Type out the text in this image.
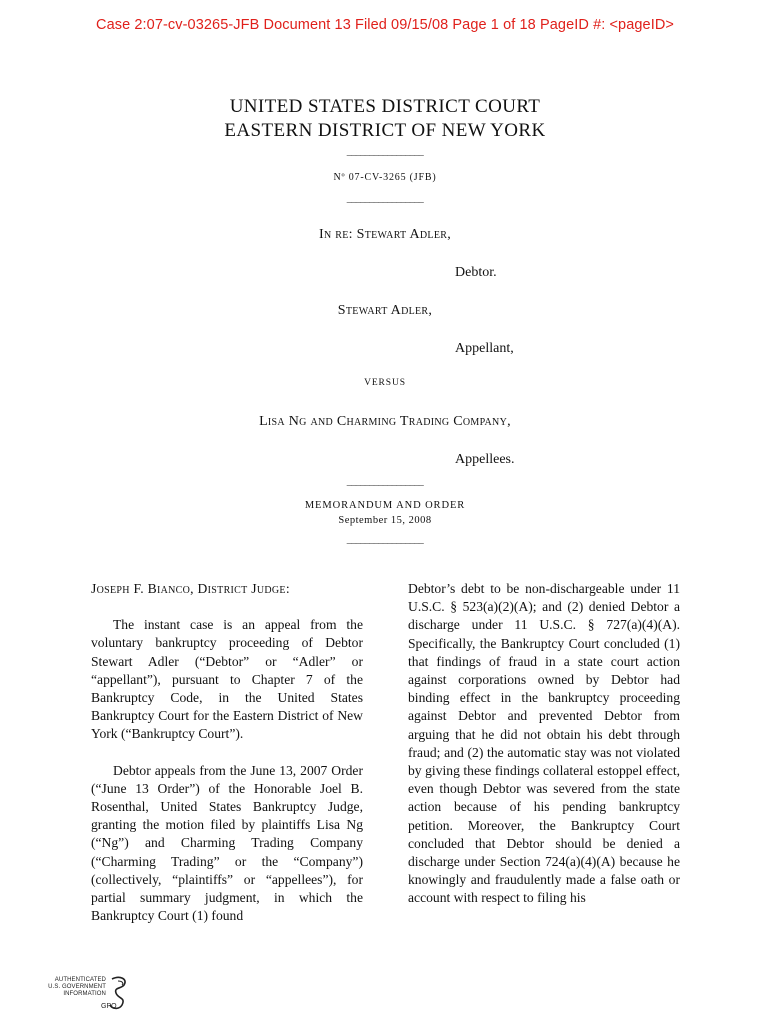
Case 2:07-cv-03265-JFB Document 13 Filed 09/15/08 Page 1 of 18 PageID #: <pageID>
UNITED STATES DISTRICT COURT
EASTERN DISTRICT OF NEW YORK
_________________
Nº 07-CV-3265 (JFB)
_________________
In re: Stewart Adler,
Debtor.
Stewart Adler,
Appellant,
VERSUS
Lisa Ng and Charming Trading Company,
Appellees.
_________________
MEMORANDUM AND ORDER
September 15, 2008
_________________

Joseph F. Bianco, District Judge:

The instant case is an appeal from the voluntary bankruptcy proceeding of Debtor Stewart Adler (“Debtor” or “Adler” or “appellant”), pursuant to Chapter 7 of the Bankruptcy Code, in the United States Bankruptcy Court for the Eastern District of New York (“Bankruptcy Court”).

Debtor appeals from the June 13, 2007 Order (“June 13 Order”) of the Honorable Joel B. Rosenthal, United States Bankruptcy Judge, granting the motion filed by plaintiffs Lisa Ng (“Ng”) and Charming Trading Company (“Charming Trading” or the “Company”) (collectively, “plaintiffs” or “appellees”), for partial summary judgment, in which the Bankruptcy Court (1) found

Debtor’s debt to be non-dischargeable under 11 U.S.C. § 523(a)(2)(A); and (2) denied Debtor a discharge under 11 U.S.C. § 727(a)(4)(A). Specifically, the Bankruptcy Court concluded (1) that findings of fraud in a state court action against corporations owned by Debtor had binding effect in the bankruptcy proceeding against Debtor and prevented Debtor from arguing that he did not obtain his debt through fraud; and (2) the automatic stay was not violated by giving these findings collateral estoppel effect, even though Debtor was severed from the state action because of his pending bankruptcy petition. Moreover, the Bankruptcy Court concluded that Debtor should be denied a discharge under Section 724(a)(4)(A) because he knowingly and fraudulently made a false oath or account with respect to filing his

AUTHENTICATED
U.S. GOVERNMENT
INFORMATION
GPO
